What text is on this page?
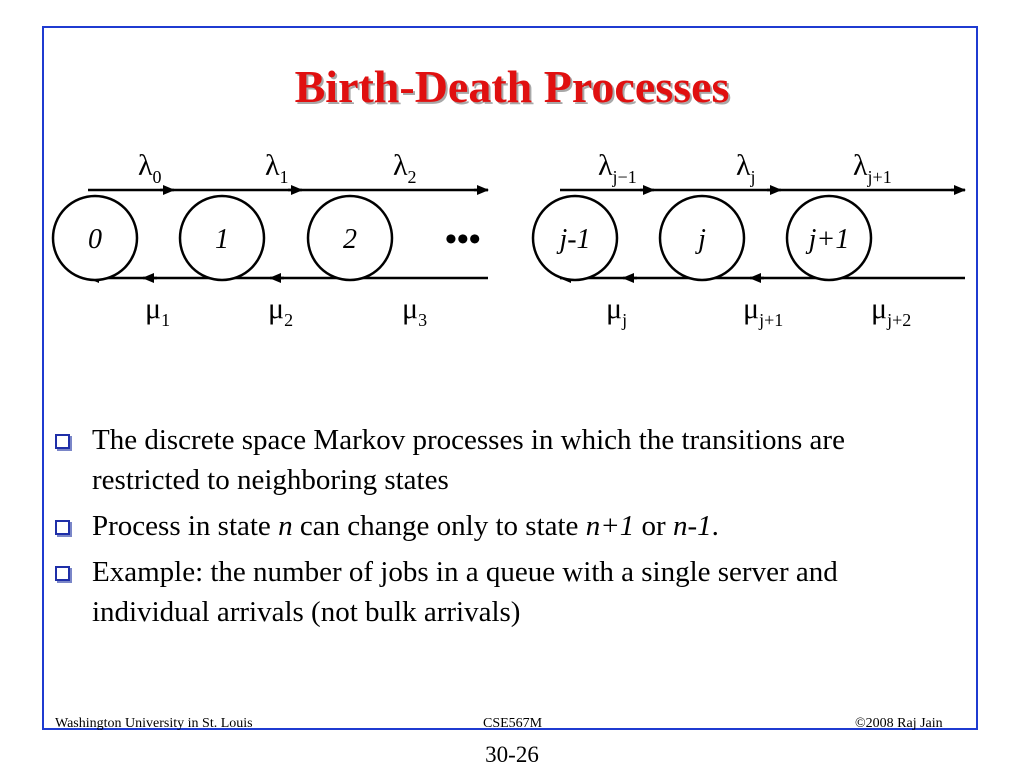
Birth-Death Processes
0	1	2
λ0	λ1	λ2
μ1	μ2	μ3
j-1	j	j+1
λj−1	λj	λj+1
μj	μj+1	μj+2
•••
The discrete space Markov processes in which the transitions are restricted to neighboring states
Process in state n can change only to state n+1 or n-1.
Example: the number of jobs in a queue with a single server and individual arrivals (not bulk arrivals)
Washington University in St. Louis	CSE567M	©2008 Raj Jain
30-26
